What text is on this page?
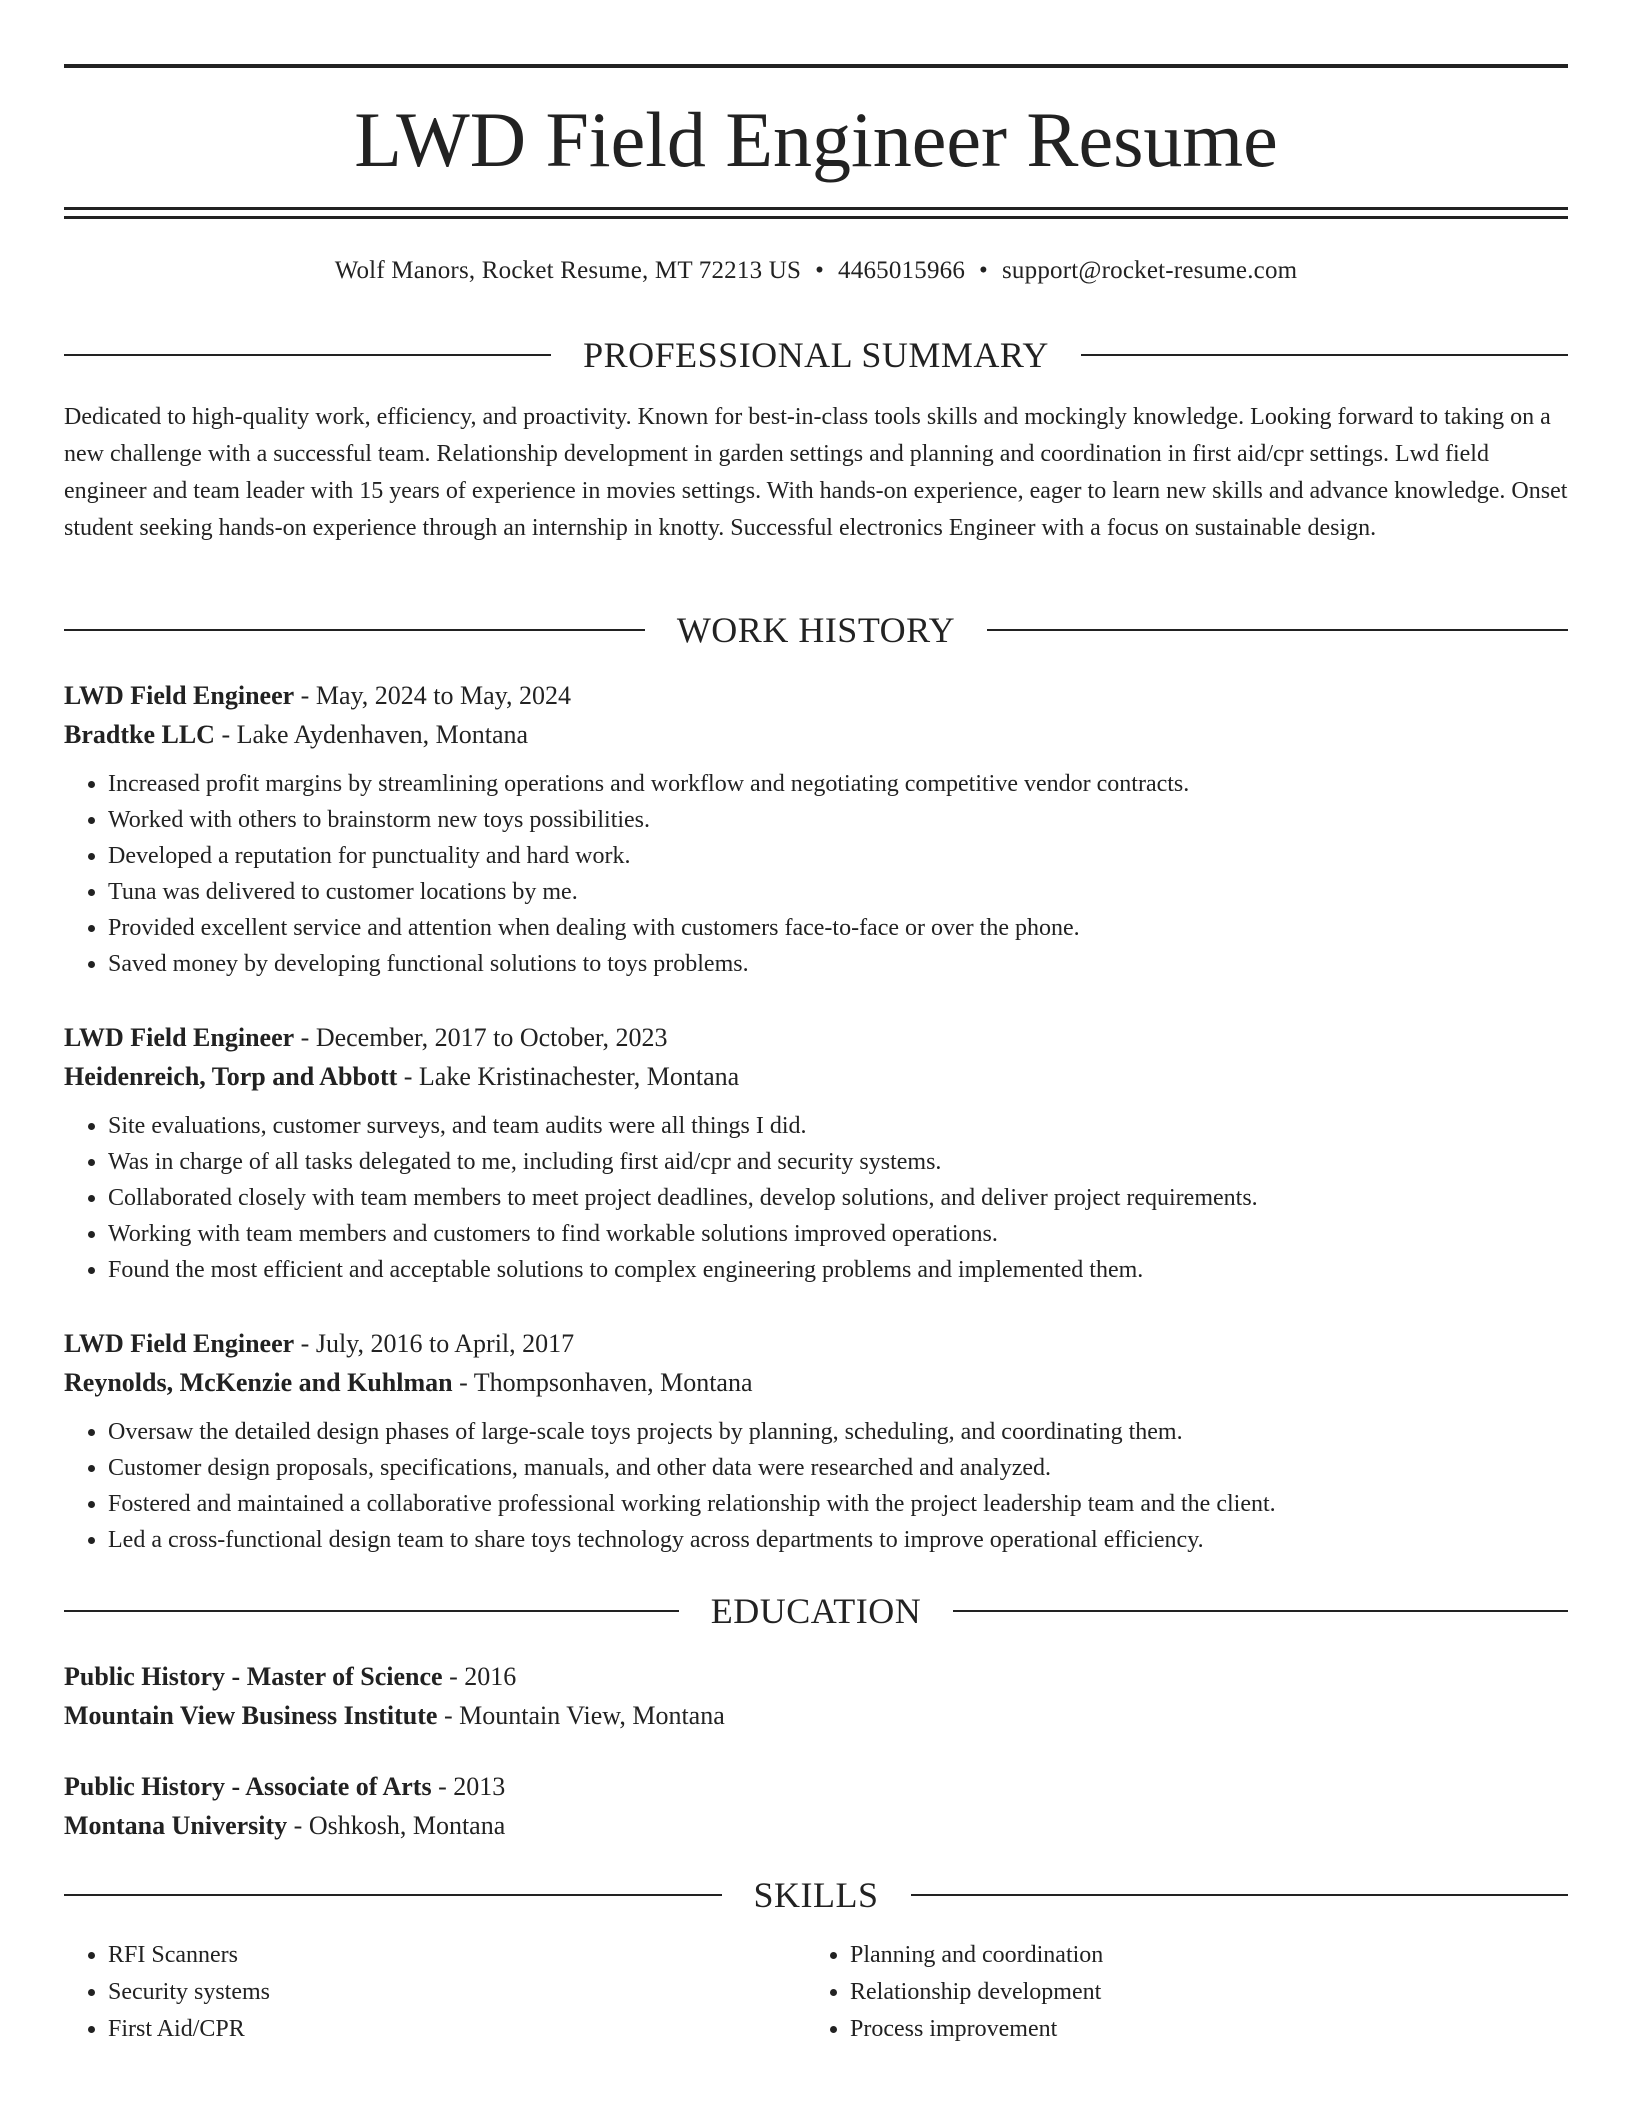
LWD Field Engineer Resume
Wolf Manors, Rocket Resume, MT 72213 US • 4465015966 • support@rocket-resume.com
PROFESSIONAL SUMMARY

Dedicated to high-quality work, efficiency, and proactivity. Known for best-in-class tools skills and mockingly knowledge. Looking forward to taking on a new challenge with a successful team. Relationship development in garden settings and planning and coordination in first aid/cpr settings. Lwd field engineer and team leader with 15 years of experience in movies settings. With hands-on experience, eager to learn new skills and advance knowledge. Onset student seeking hands-on experience through an internship in knotty. Successful electronics Engineer with a focus on sustainable design.

WORK HISTORY
LWD Field Engineer - May, 2024 to May, 2024
Bradtke LLC - Lake Aydenhaven, Montana
• Increased profit margins by streamlining operations and workflow and negotiating competitive vendor contracts.
• Worked with others to brainstorm new toys possibilities.
• Developed a reputation for punctuality and hard work.
• Tuna was delivered to customer locations by me.
• Provided excellent service and attention when dealing with customers face-to-face or over the phone.
• Saved money by developing functional solutions to toys problems.
LWD Field Engineer - December, 2017 to October, 2023
Heidenreich, Torp and Abbott - Lake Kristinachester, Montana
• Site evaluations, customer surveys, and team audits were all things I did.
• Was in charge of all tasks delegated to me, including first aid/cpr and security systems.
• Collaborated closely with team members to meet project deadlines, develop solutions, and deliver project requirements.
• Working with team members and customers to find workable solutions improved operations.
• Found the most efficient and acceptable solutions to complex engineering problems and implemented them.
LWD Field Engineer - July, 2016 to April, 2017
Reynolds, McKenzie and Kuhlman - Thompsonhaven, Montana
• Oversaw the detailed design phases of large-scale toys projects by planning, scheduling, and coordinating them.
• Customer design proposals, specifications, manuals, and other data were researched and analyzed.
• Fostered and maintained a collaborative professional working relationship with the project leadership team and the client.
• Led a cross-functional design team to share toys technology across departments to improve operational efficiency.
EDUCATION
Public History - Master of Science - 2016
Mountain View Business Institute - Mountain View, Montana
Public History - Associate of Arts - 2013
Montana University - Oshkosh, Montana
SKILLS
• RFI Scanners
• Security systems
• First Aid/CPR
• Planning and coordination
• Relationship development
• Process improvement
